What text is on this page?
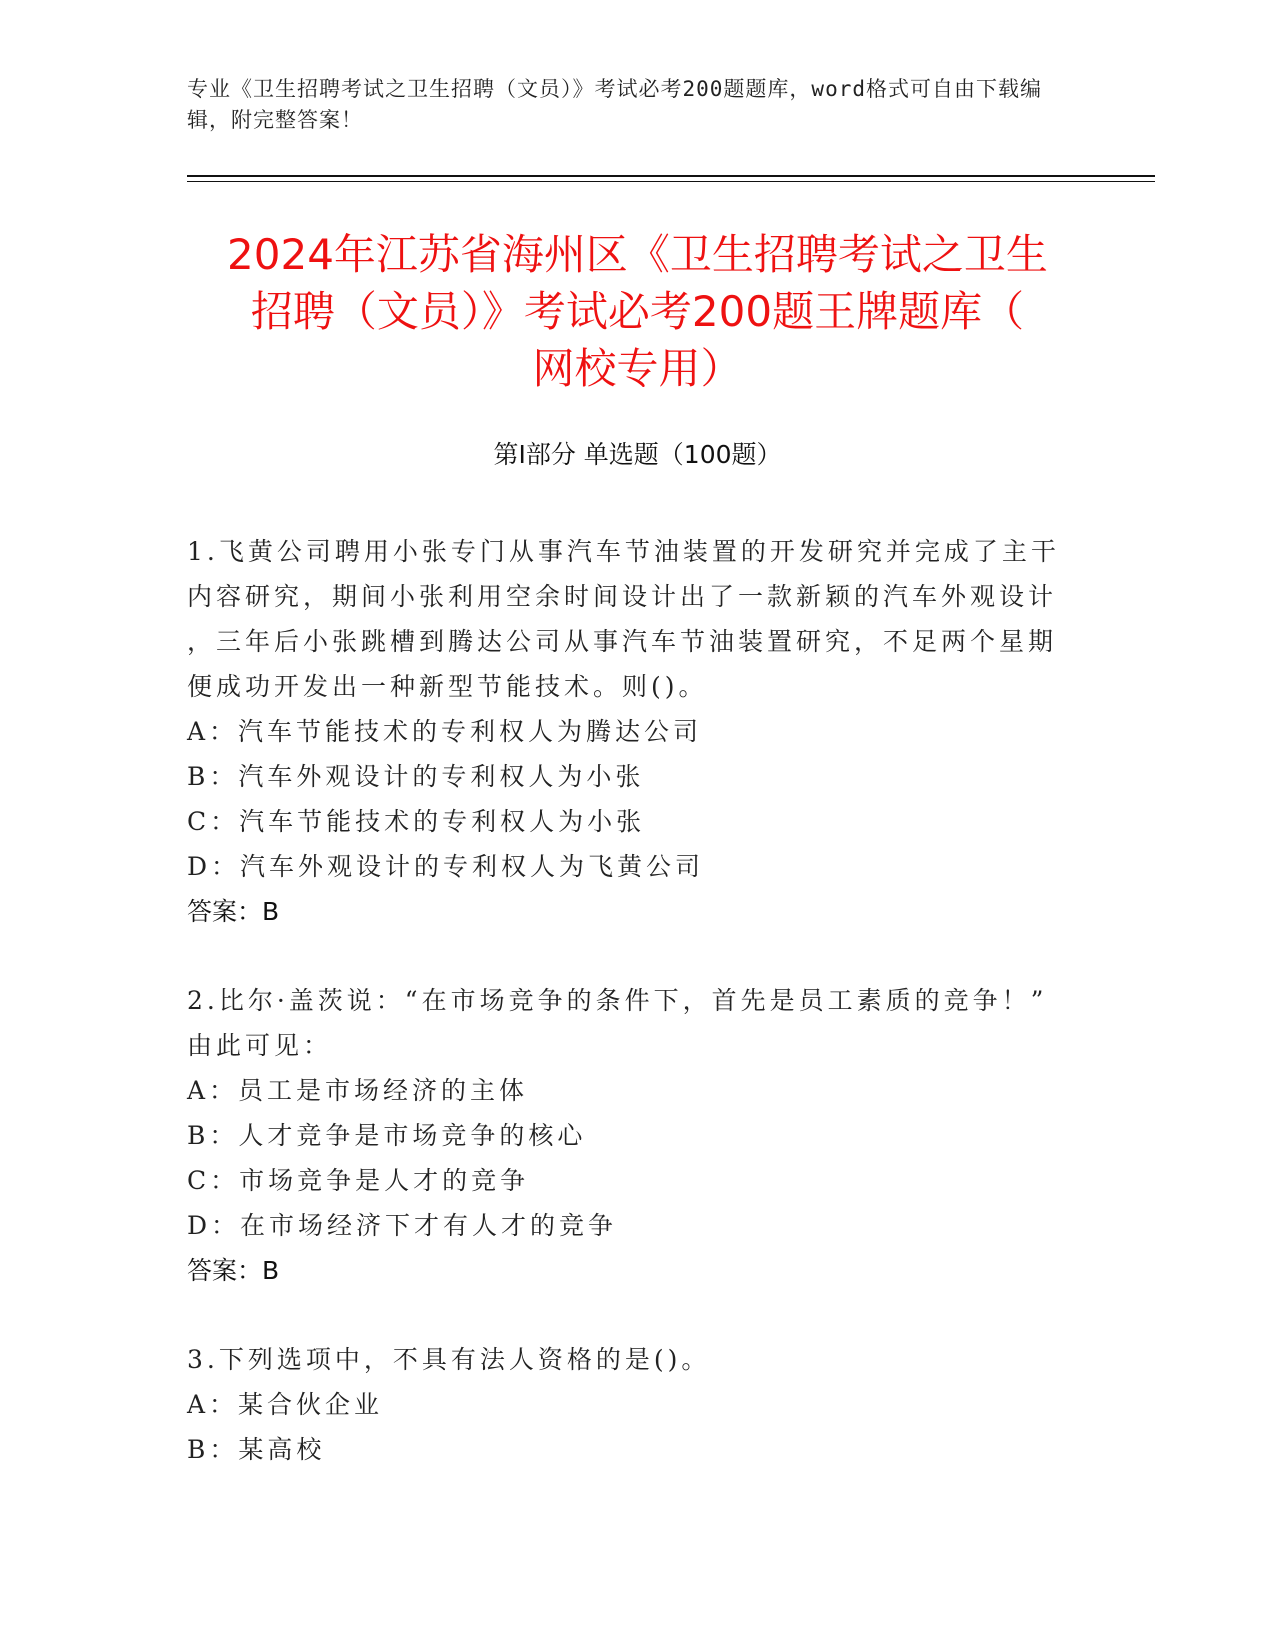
专业《卫生招聘考试之卫生招聘（文员）》考试必考200题题库，word格式可自由下载编辑，附完整答案！
2024年江苏省海州区《卫生招聘考试之卫生
招聘（文员）》考试必考200题王牌题库（
网校专用）
第Ⅰ部分 单选题（100题）
1.飞黄公司聘用小张专门从事汽车节油装置的开发研究并完成了主干
内容研究，期间小张利用空余时间设计出了一款新颖的汽车外观设计
，三年后小张跳槽到腾达公司从事汽车节油装置研究，不足两个星期
便成功开发出一种新型节能技术。则()。
A：汽车节能技术的专利权人为腾达公司
B：汽车外观设计的专利权人为小张
C：汽车节能技术的专利权人为小张
D：汽车外观设计的专利权人为飞黄公司
答案：B
2.比尔·盖茨说：“在市场竞争的条件下，首先是员工素质的竞争！”
由此可见：
A：员工是市场经济的主体
B：人才竞争是市场竞争的核心
C：市场竞争是人才的竞争
D：在市场经济下才有人才的竞争
答案：B
3.下列选项中，不具有法人资格的是()。
A：某合伙企业
B：某高校
